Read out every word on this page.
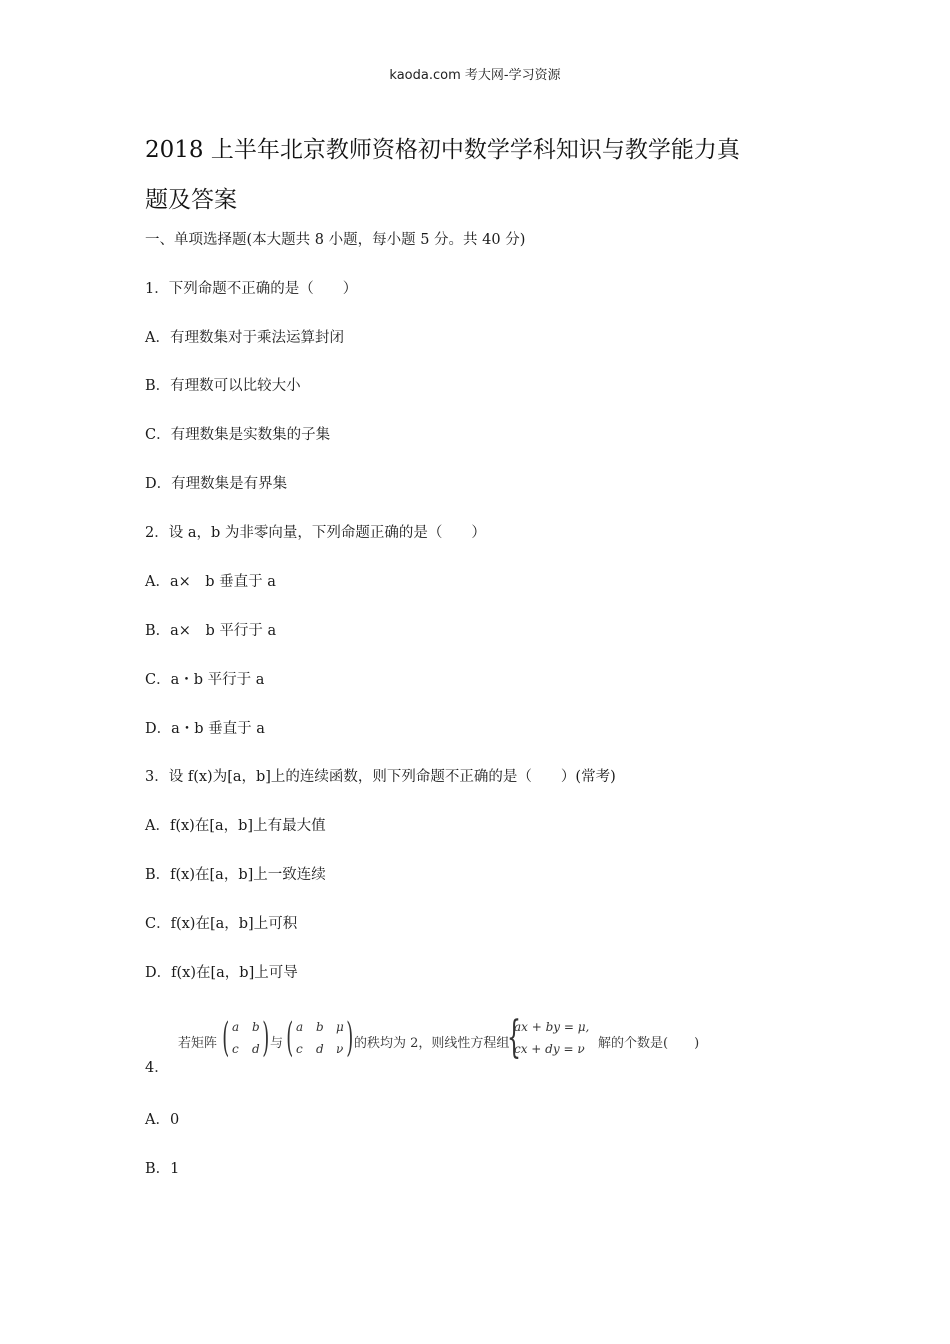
kaoda.com 考大网-学习资源
2018 上半年北京教师资格初中数学学科知识与教学能力真
题及答案
一、单项选择题(本大题共 8 小题，每小题 5 分。共 40 分)
1．下列命题不正确的是（　　）
A．有理数集对于乘法运算封闭
B．有理数可以比较大小
C．有理数集是实数集的子集
D．有理数集是有界集
2．设 a，b 为非零向量，下列命题正确的是（　　）
A．a×　b 垂直于 a
B．a×　b 平行于 a
C．a・b 平行于 a
D．a・b 垂直于 a
3．设 f(x)为[a，b]上的连续函数，则下列命题不正确的是（　　）(常考)
A．f(x)在[a，b]上有最大值
B．f(x)在[a，b]上一致连续
C．f(x)在[a，b]上可积
D．f(x)在[a，b]上可导
若矩阵 ( a b
c d ) 与 ( a b μ
c d ν ) 的秩均为 2，则线性方程组
{
ax + by = μ,
cx + dy = ν 解的个数是(　　)
4．
A．0
B．1
